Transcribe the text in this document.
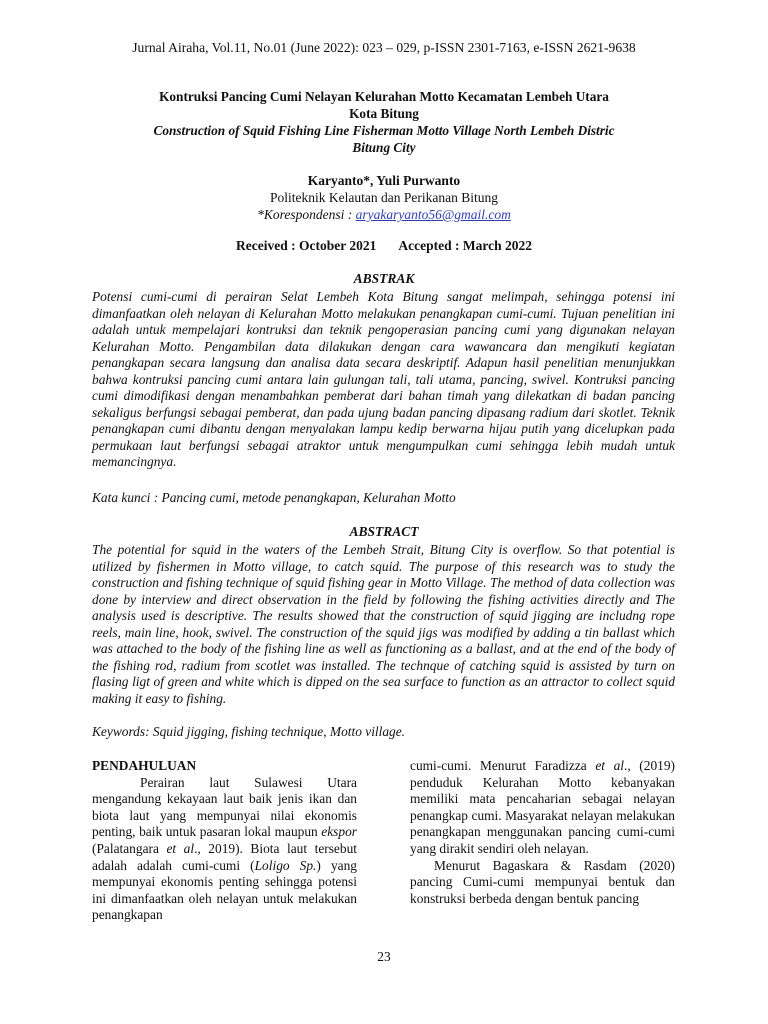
Jurnal Airaha, Vol.11, No.01 (June 2022): 023 – 029, p-ISSN 2301-7163, e-ISSN 2621-9638
Kontruksi Pancing Cumi Nelayan Kelurahan Motto Kecamatan Lembeh Utara
Kota Bitung
Construction of Squid Fishing Line Fisherman Motto Village North Lembeh Distric
Bitung City
Karyanto*, Yuli Purwanto
Politeknik Kelautan dan Perikanan Bitung
*Korespondensi : aryakaryanto56@gmail.com
Received : October 2021 Accepted : March 2022
ABSTRAK

Potensi cumi-cumi di perairan Selat Lembeh Kota Bitung sangat melimpah, sehingga potensi ini dimanfaatkan oleh nelayan di Kelurahan Motto melakukan penangkapan cumi-cumi. Tujuan penelitian ini adalah untuk mempelajari kontruksi dan teknik pengoperasian pancing cumi yang digunakan nelayan Kelurahan Motto. Pengambilan data dilakukan dengan cara wawancara dan mengikuti kegiatan penangkapan secara langsung dan analisa data secara deskriptif. Adapun hasil penelitian menunjukkan bahwa kontruksi pancing cumi antara lain gulungan tali, tali utama, pancing, swivel. Kontruksi pancing cumi dimodifikasi dengan menambahkan pemberat dari bahan timah yang dilekatkan di badan pancing sekaligus berfungsi sebagai pemberat, dan pada ujung badan pancing dipasang radium dari skotlet. Teknik penangkapan cumi dibantu dengan menyalakan lampu kedip berwarna hijau putih yang dicelupkan pada permukaan laut berfungsi sebagai atraktor untuk mengumpulkan cumi sehingga lebih mudah untuk memancingnya.

Kata kunci : Pancing cumi, metode penangkapan, Kelurahan Motto
ABSTRACT

The potential for squid in the waters of the Lembeh Strait, Bitung City is overflow. So that potential is utilized by fishermen in Motto village, to catch squid. The purpose of this research was to study the construction and fishing technique of squid fishing gear in Motto Village. The method of data collection was done by interview and direct observation in the field by following the fishing activities directly and The analysis used is descriptive. The results showed that the construction of squid jigging are includng rope reels, main line, hook, swivel. The construction of the squid jigs was modified by adding a tin ballast which was attached to the body of the fishing line as well as functioning as a ballast, and at the end of the body of the fishing rod, radium from scotlet was installed. The technque of catching squid is assisted by turn on flasing ligt of green and white which is dipped on the sea surface to function as an attractor to collect squid making it easy to fishing.

Keywords: Squid jigging, fishing technique, Motto village.
PENDAHULUAN

Perairan laut Sulawesi Utara mengandung kekayaan laut baik jenis ikan dan biota laut yang mempunyai nilai ekonomis penting, baik untuk pasaran lokal maupun ekspor (Palatangara et al., 2019). Biota laut tersebut adalah adalah cumi-cumi (Loligo Sp.) yang mempunyai ekonomis penting sehingga potensi ini dimanfaatkan oleh nelayan untuk melakukan penangkapan

cumi-cumi. Menurut Faradizza et al., (2019) penduduk Kelurahan Motto kebanyakan memiliki mata pencaharian sebagai nelayan penangkap cumi. Masyarakat nelayan melakukan penangkapan menggunakan pancing cumi-cumi yang dirakit sendiri oleh nelayan.

Menurut Bagaskara & Rasdam (2020) pancing Cumi-cumi mempunyai bentuk dan konstruksi berbeda dengan bentuk pancing

23
